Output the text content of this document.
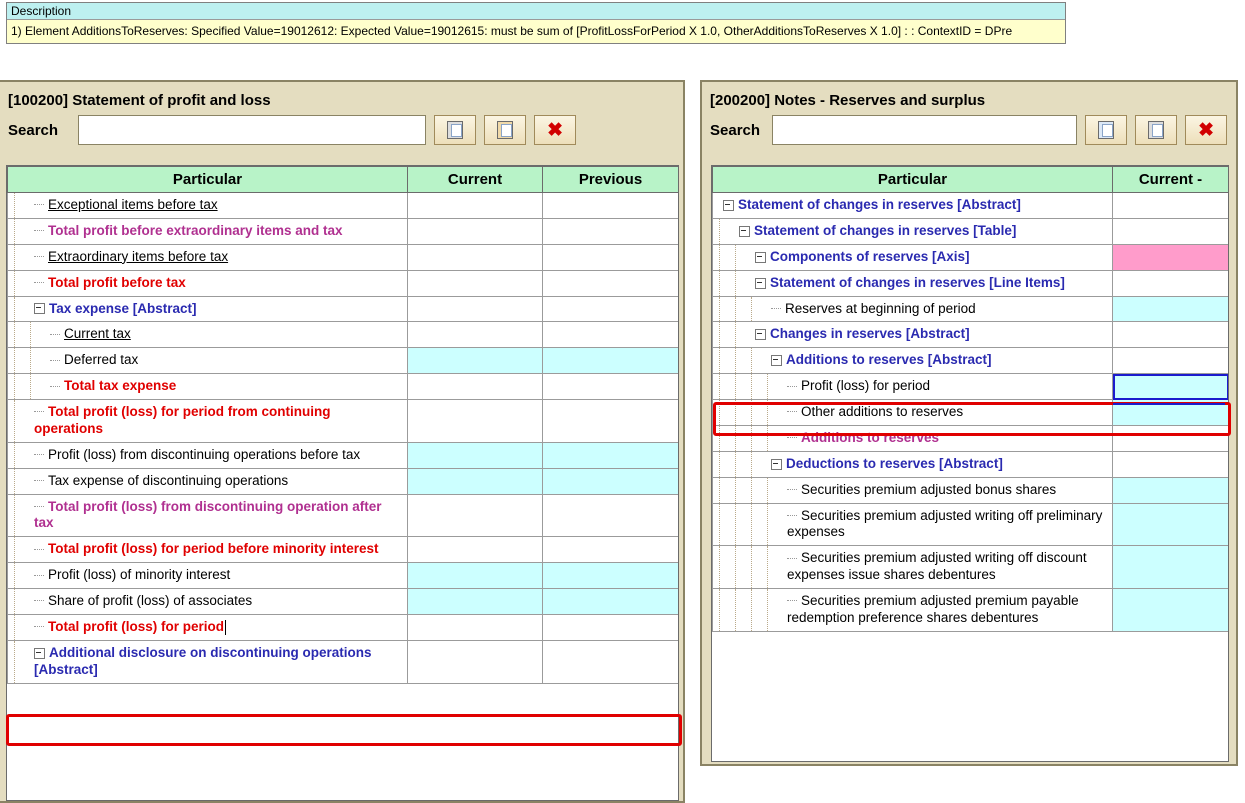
Description
1) Element AdditionsToReserves: Specified Value=19012612: Expected Value=19012615: must be sum of [ProfitLossForPeriod X 1.0, OtherAdditionsToReserves X 1.0] : : ContextID = DPre
[100200] Statement of profit and loss
Search	✖
Particular	Current	Previous

Exceptional items before tax		

Total profit before extraordinary items and tax		

Extraordinary items before tax		

Total profit before tax		

Tax expense [Abstract]		

Current tax		

Deferred tax		

Total tax expense		

Total profit (loss) for period from continuing operations		

Profit (loss) from discontinuing operations before tax		

Tax expense of discontinuing operations		

Total profit (loss) from discontinuing operation after tax		

Total profit (loss) for period before minority interest		

Profit (loss) of minority interest		

Share of profit (loss) of associates		

Total profit (loss) for period		

Additional disclosure on discontinuing operations [Abstract]		
[200200] Notes - Reserves and surplus
Search	✖
Particular	Current -
Statement of changes in reserves [Abstract]	

Statement of changes in reserves [Table]	

Components of reserves [Axis]	

Statement of changes in reserves [Line Items]	

Reserves at beginning of period	

Changes in reserves [Abstract]	

Additions to reserves [Abstract]	

Profit (loss) for period	

Other additions to reserves	

Additions to reserves	

Deductions to reserves [Abstract]	

Securities premium adjusted bonus shares	

Securities premium adjusted writing off preliminary expenses	

Securities premium adjusted writing off discount expenses issue shares debentures	

Securities premium adjusted premium payable redemption preference shares debentures	
